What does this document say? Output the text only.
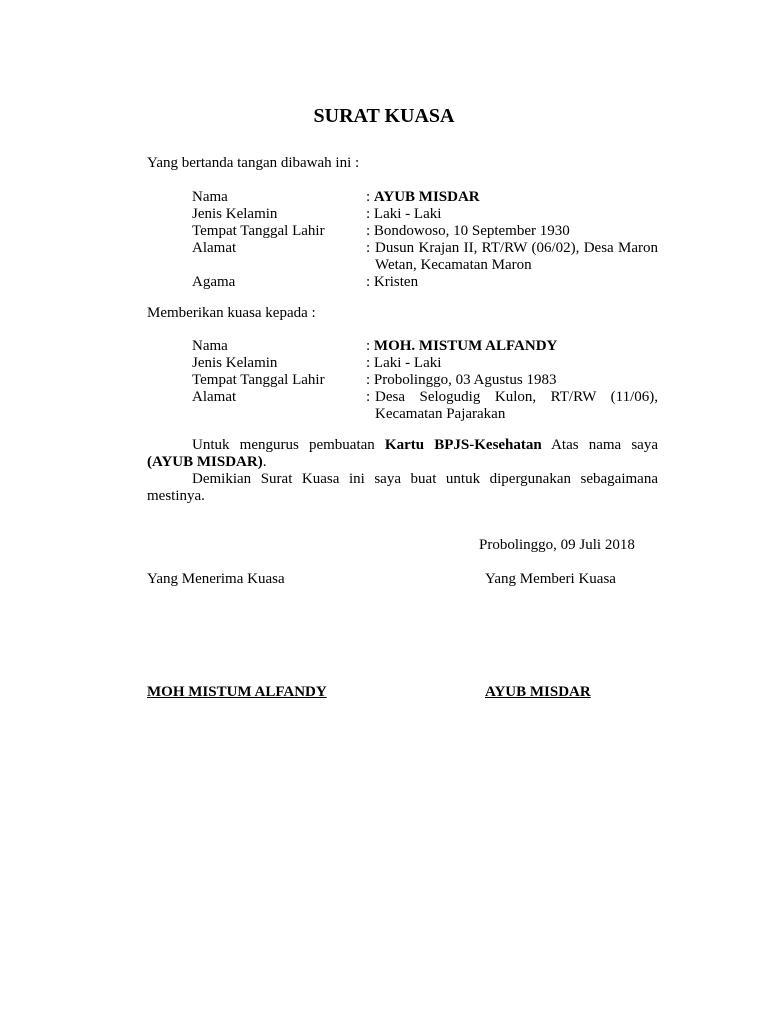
SURAT KUASA
Yang bertanda tangan dibawah ini :
Nama	: AYUB MISDAR
Jenis Kelamin	: Laki - Laki
Tempat Tanggal Lahir	: Bondowoso, 10 September 1930
Alamat	: Dusun Krajan II, RT/RW (06/02), Desa Maron Wetan, Kecamatan Maron
Agama	: Kristen
Memberikan kuasa kepada :
Nama	: MOH. MISTUM ALFANDY
Jenis Kelamin	: Laki - Laki
Tempat Tanggal Lahir	: Probolinggo, 03 Agustus 1983
Alamat	: Desa Selogudig Kulon, RT/RW (11/06), Kecamatan Pajarakan
Untuk mengurus pembuatan Kartu BPJS-Kesehatan Atas nama saya (AYUB MISDAR).
Demikian Surat Kuasa ini saya buat untuk dipergunakan sebagaimana mestinya.
Probolinggo, 09 Juli 2018
Yang Menerima Kuasa	Yang Memberi Kuasa
MOH MISTUM ALFANDY	AYUB MISDAR
